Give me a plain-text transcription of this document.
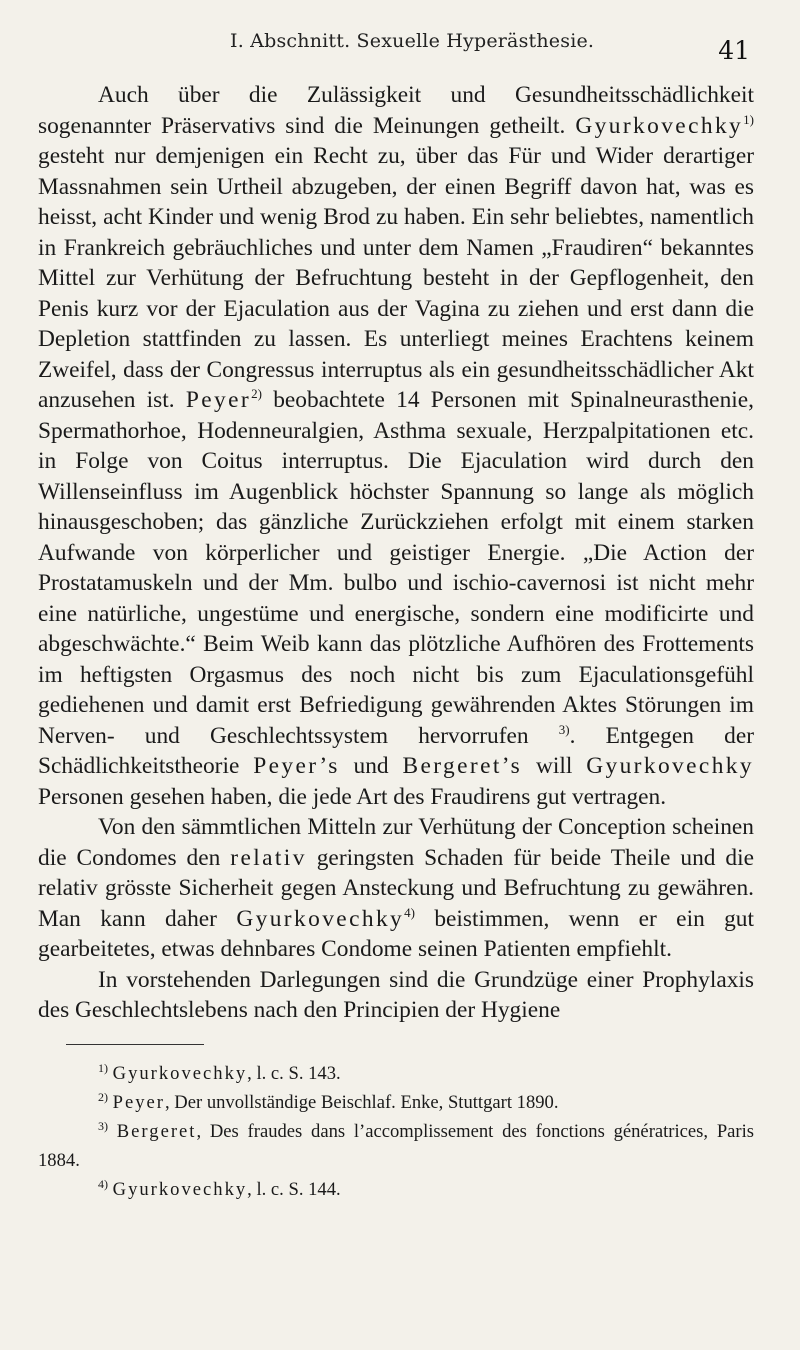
I. Abschnitt. Sexuelle Hyperästhesie.	41

Auch über die Zulässigkeit und Gesundheitsschädlichkeit sogenannter Präservativs sind die Meinungen getheilt. Gyurkovechky$^{1)}$ gesteht nur demjenigen ein Recht zu, über das Für und Wider derartiger Massnahmen sein Urtheil abzugeben, der einen Begriff davon hat, was es heisst, acht Kinder und wenig Brod zu haben. Ein sehr beliebtes, namentlich in Frankreich gebräuchliches und unter dem Namen „Fraudiren“ bekanntes Mittel zur Verhütung der Befruchtung besteht in der Gepflogenheit, den Penis kurz vor der Ejaculation aus der Vagina zu ziehen und erst dann die Depletion stattfinden zu lassen. Es unterliegt meines Erachtens keinem Zweifel, dass der Congressus interruptus als ein gesundheitsschädlicher Akt anzusehen ist. Peyer$^{2)}$ beobachtete 14 Personen mit Spinalneurasthenie, Spermathorhoe, Hodenneuralgien, Asthma sexuale, Herzpalpitationen etc. in Folge von Coitus interruptus. Die Ejaculation wird durch den Willenseinfluss im Augenblick höchster Spannung so lange als möglich hinausgeschoben; das gänzliche Zurückziehen erfolgt mit einem starken Aufwande von körperlicher und geistiger Energie. „Die Action der Prostatamuskeln und der Mm. bulbo und ischio-cavernosi ist nicht mehr eine natürliche, ungestüme und energische, sondern eine modificirte und abgeschwächte.“ Beim Weib kann das plötzliche Aufhören des Frottements im heftigsten Orgasmus des noch nicht bis zum Ejaculationsgefühl gediehenen und damit erst Befriedigung gewährenden Aktes Störungen im Nerven- und Geschlechtssystem hervorrufen $^{3)}$. Entgegen der Schädlichkeitstheorie Peyer’s und Bergeret’s will Gyurkovechky Personen gesehen haben, die jede Art des Fraudirens gut vertragen.

Von den sämmtlichen Mitteln zur Verhütung der Conception scheinen die Condomes den relativ geringsten Schaden für beide Theile und die relativ grösste Sicherheit gegen Ansteckung und Befruchtung zu gewähren. Man kann daher Gyurkovechky$^{4)}$ beistimmen, wenn er ein gut gearbeitetes, etwas dehnbares Condome seinen Patienten empfiehlt.

In vorstehenden Darlegungen sind die Grundzüge einer Prophylaxis des Geschlechtslebens nach den Principien der Hygiene

$^{1)}$ Gyurkovechky, l. c. S. 143.
$^{2)}$ Peyer, Der unvollständige Beischlaf. Enke, Stuttgart 1890.
$^{3)}$ Bergeret, Des fraudes dans l’accomplissement des fonctions génératrices, Paris 1884.
$^{4)}$ Gyurkovechky, l. c. S. 144.
